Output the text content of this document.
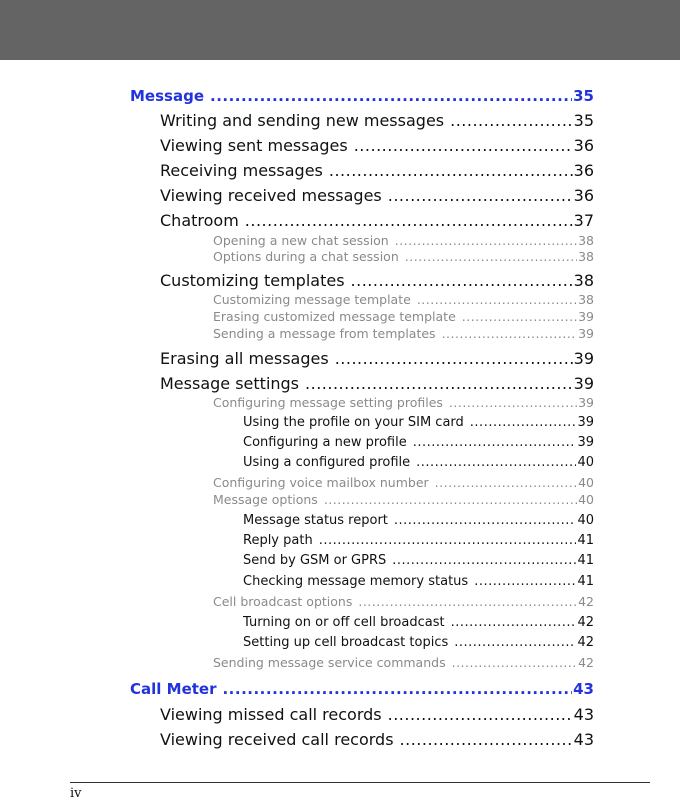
Message .....	35
Writing and sending new messages .....	35
Viewing sent messages .....	36
Receiving messages .....	36
Viewing received messages .....	36
Chatroom .....	37
Opening a new chat session .....	38
Options during a chat session .....	38
Customizing templates .....	38
Customizing message template .....	38
Erasing customized message template .....	39
Sending a message from templates .....	39
Erasing all messages .....	39
Message settings .....	39
Configuring message setting profiles .....	39
Using the profile on your SIM card .....	39
Configuring a new profile .....	39
Using a configured profile .....	40
Configuring voice mailbox number .....	40
Message options .....	40
Message status report .....	40
Reply path .....	41
Send by GSM or GPRS .....	41
Checking message memory status .....	41
Cell broadcast options .....	42
Turning on or off cell broadcast .....	42
Setting up cell broadcast topics .....	42
Sending message service commands .....	42
Call Meter .....	43
Viewing missed call records .....	43
Viewing received call records .....	43
iv
